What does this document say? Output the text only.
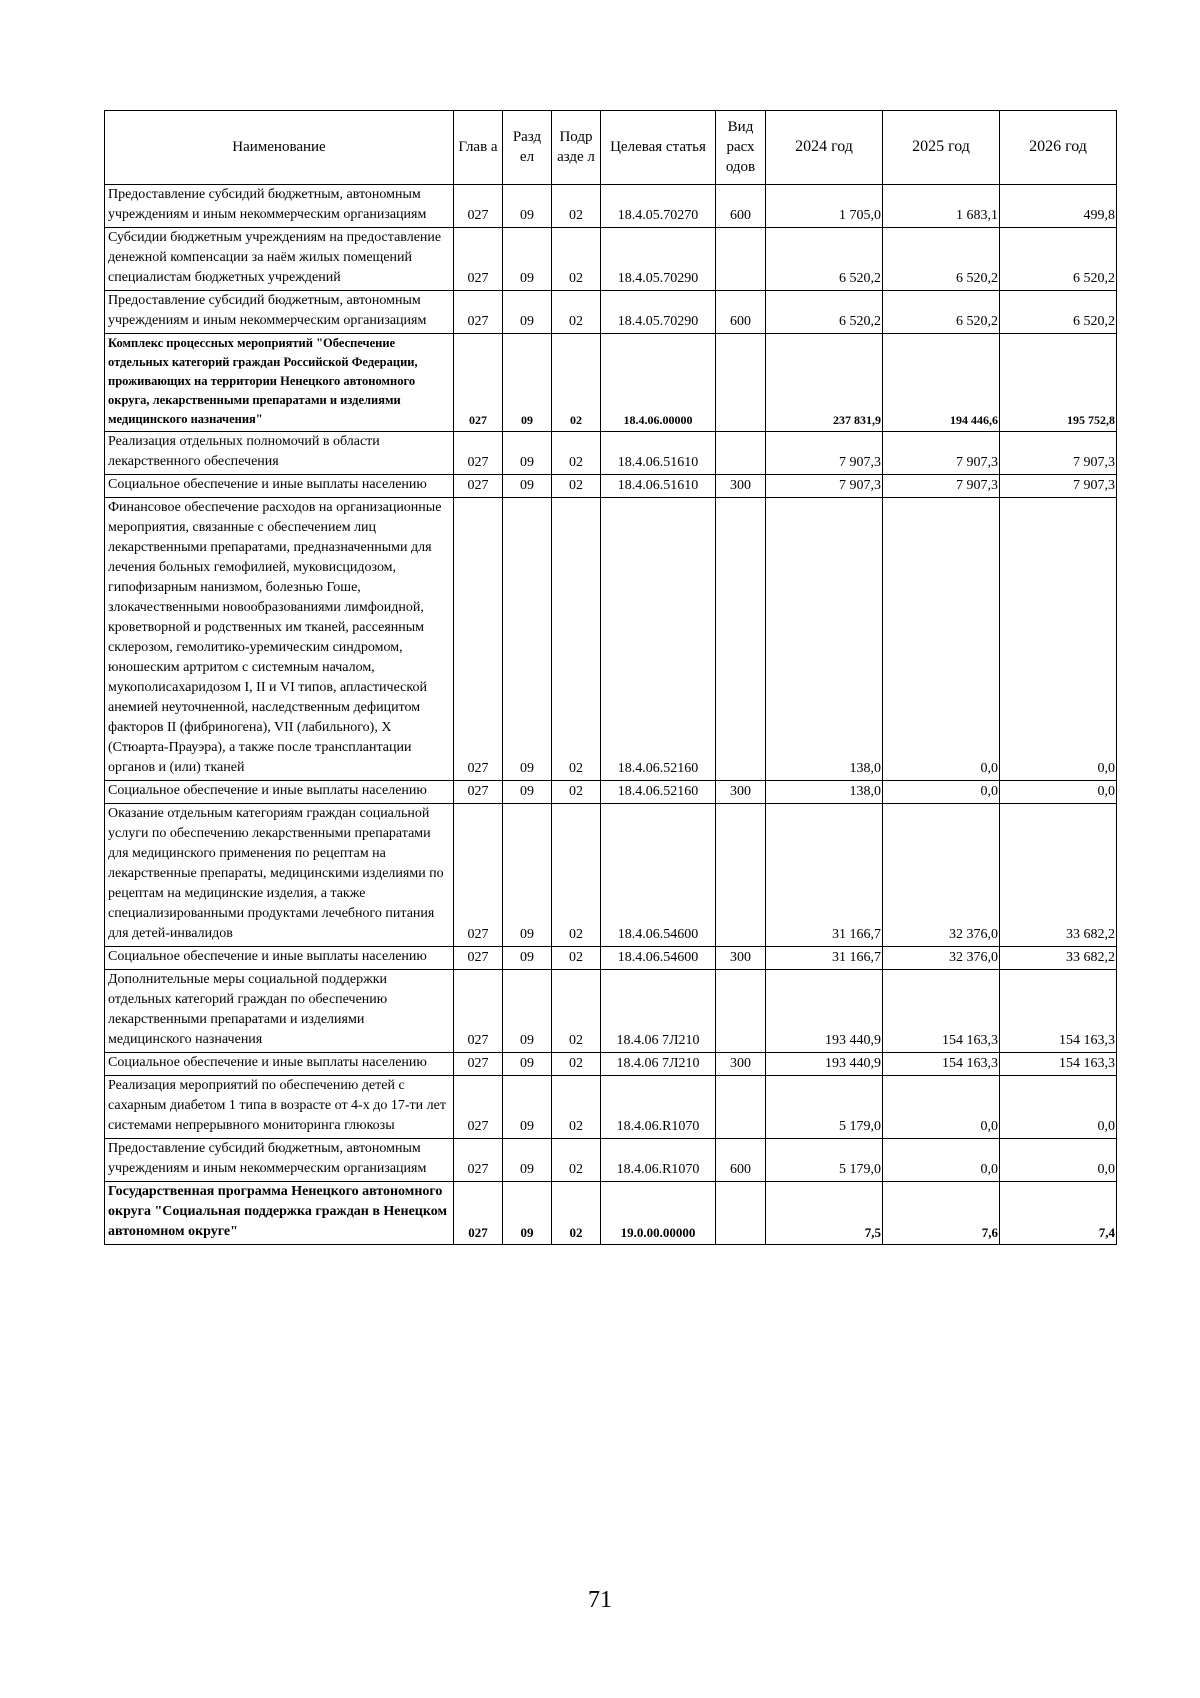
Наименование	Глав а	Разд ел	Подр азде л	Целевая статья	Вид расх одов	2024 год	2025 год	2026 год
Предоставление субсидий бюджетным, автономным учреждениям и иным некоммерческим организациям	027	09	02	18.4.05.70270	600	1 705,0	1 683,1	499,8
Субсидии бюджетным учреждениям на предоставление денежной компенсации за наём жилых помещений специалистам бюджетных учреждений	027	09	02	18.4.05.70290		6 520,2	6 520,2	6 520,2
Предоставление субсидий бюджетным, автономным учреждениям и иным некоммерческим организациям	027	09	02	18.4.05.70290	600	6 520,2	6 520,2	6 520,2
Комплекс процессных мероприятий "Обеспечение отдельных категорий граждан Российской Федерации, проживающих на территории Ненецкого автономного округа, лекарственными препаратами и изделиями медицинского назначения"	027	09	02	18.4.06.00000		237 831,9	194 446,6	195 752,8
Реализация отдельных полномочий в области лекарственного обеспечения	027	09	02	18.4.06.51610		7 907,3	7 907,3	7 907,3
Социальное обеспечение и иные выплаты населению	027	09	02	18.4.06.51610	300	7 907,3	7 907,3	7 907,3
Финансовое обеспечение расходов на организационные мероприятия, связанные с обеспечением лиц лекарственными препаратами, предназначенными для лечения больных гемофилией, муковисцидозом, гипофизарным нанизмом, болезнью Гоше, злокачественными новообразованиями лимфоидной, кроветворной и родственных им тканей, рассеянным склерозом, гемолитико-уремическим синдромом, юношеским артритом с системным началом, мукополисахаридозом I, II и VI типов, апластической анемией неуточненной, наследственным дефицитом факторов II (фибриногена), VII (лабильного), X (Стюарта-Прауэра), а также после трансплантации органов и (или) тканей	027	09	02	18.4.06.52160		138,0	0,0	0,0
Социальное обеспечение и иные выплаты населению	027	09	02	18.4.06.52160	300	138,0	0,0	0,0
Оказание отдельным категориям граждан социальной услуги по обеспечению лекарственными препаратами для медицинского применения по рецептам на лекарственные препараты, медицинскими изделиями по рецептам на медицинские изделия, а также специализированными продуктами лечебного питания для детей-инвалидов	027	09	02	18.4.06.54600		31 166,7	32 376,0	33 682,2
Социальное обеспечение и иные выплаты населению	027	09	02	18.4.06.54600	300	31 166,7	32 376,0	33 682,2
Дополнительные меры социальной поддержки отдельных категорий граждан по обеспечению лекарственными препаратами и изделиями медицинского назначения	027	09	02	18.4.06 7Л210		193 440,9	154 163,3	154 163,3
Социальное обеспечение и иные выплаты населению	027	09	02	18.4.06 7Л210	300	193 440,9	154 163,3	154 163,3
Реализация мероприятий по обеспечению детей с сахарным диабетом 1 типа в возрасте от 4-х до 17-ти лет системами непрерывного мониторинга глюкозы	027	09	02	18.4.06.R1070		5 179,0	0,0	0,0
Предоставление субсидий бюджетным, автономным учреждениям и иным некоммерческим организациям	027	09	02	18.4.06.R1070	600	5 179,0	0,0	0,0
Государственная программа Ненецкого автономного округа "Социальная поддержка граждан в Ненецком автономном округе"	027	09	02	19.0.00.00000		7,5	7,6	7,4
71
